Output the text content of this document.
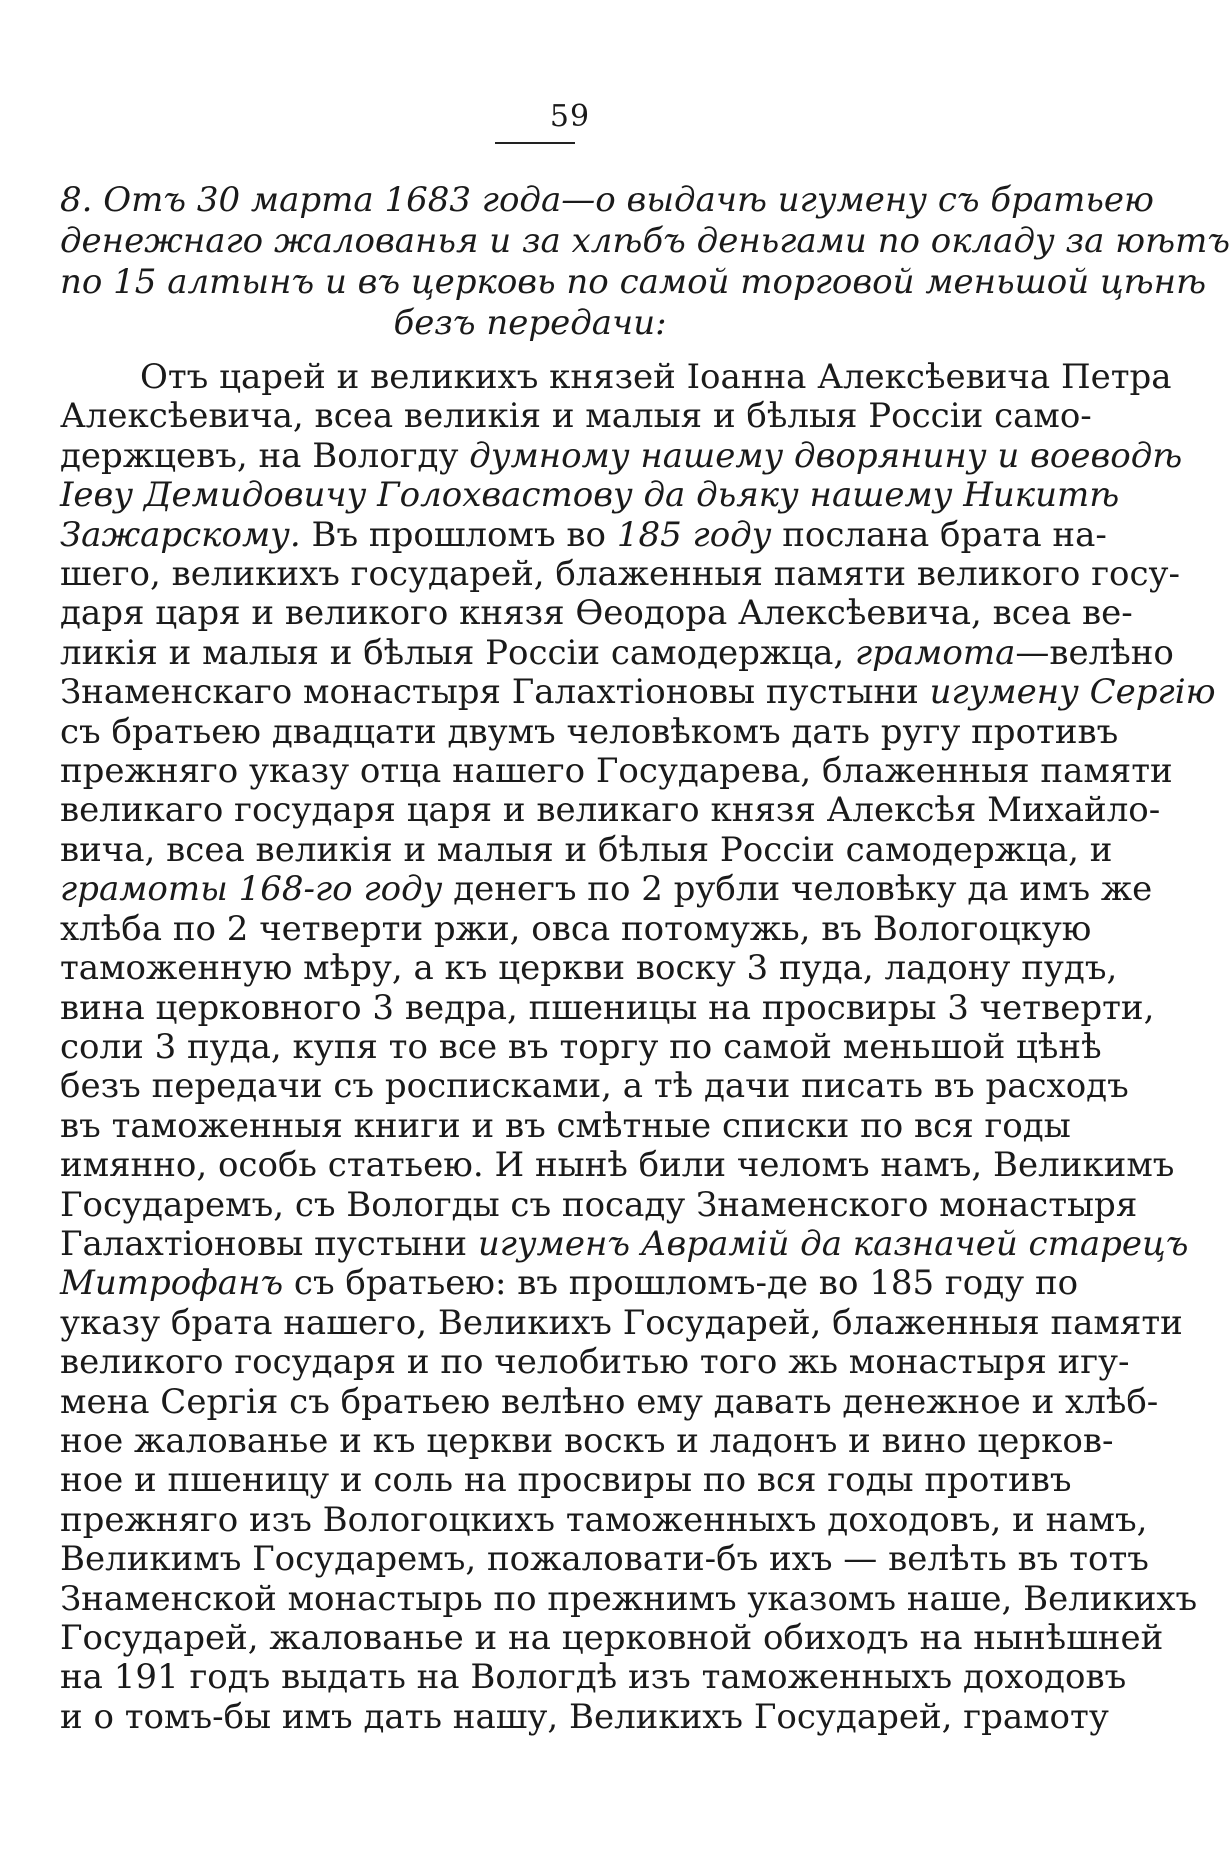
59
8. Отъ 30 марта 1683 года—о выдачѣ игумену съ братьею
денежнаго жалованья и за хлѣбъ деньгами по окладу за юѣтъ
по 15 алтынъ и въ церковь по самой торговой меньшой цѣнѣ
безъ передачи:
Отъ царей и великихъ князей Іоанна Алексѣевича Петра
Алексѣевича, всеа великія и малыя и бѣлыя Россіи само-
держцевъ, на Вологду думному нашему дворянину и воеводѣ
Іеву Демидовичу Голохвастову да дьяку нашему Никитѣ
Зажарскому. Въ прошломъ во 185 году послана брата на-
шего, великихъ государей, блаженныя памяти великого госу-
даря царя и великого князя Ѳеодора Алексѣевича, всеа ве-
ликія и малыя и бѣлыя Россіи самодержца, грамота—велѣно
Знаменскаго монастыря Галахтіоновы пустыни игумену Сергію
съ братьею двадцати двумъ человѣкомъ дать ругу противъ
прежняго указу отца нашего Государева, блаженныя памяти
великаго государя царя и великаго князя Алексѣя Михайло-
вича, всеа великія и малыя и бѣлыя Россіи самодержца, и
грамоты 168-го году денегъ по 2 рубли человѣку да имъ же
хлѣба по 2 четверти ржи, овса потомужь, въ Вологоцкую
таможенную мѣру, а къ церкви воску 3 пуда, ладону пудъ,
вина церковного 3 ведра, пшеницы на просвиры 3 четверти,
соли 3 пуда, купя то все въ торгу по самой меньшой цѣнѣ
безъ передачи съ росписками, а тѣ дачи писать въ расходъ
въ таможенныя книги и въ смѣтные списки по вся годы
имянно, особь статьею. И нынѣ били челомъ намъ, Великимъ
Государемъ, съ Вологды съ посаду Знаменского монастыря
Галахтіоновы пустыни игуменъ Аврамій да казначей старецъ
Митрофанъ съ братьею: въ прошломъ-де во 185 году по
указу брата нашего, Великихъ Государей, блаженныя памяти
великого государя и по челобитью того жь монастыря игу-
мена Сергія съ братьею велѣно ему давать денежное и хлѣб-
ное жалованье и къ церкви воскъ и ладонъ и вино церков-
ное и пшеницу и соль на просвиры по вся годы противъ
прежняго изъ Вологоцкихъ таможенныхъ доходовъ, и намъ,
Великимъ Государемъ, пожаловати-бъ ихъ — велѣть въ тотъ
Знаменской монастырь по прежнимъ указомъ наше, Великихъ
Государей, жалованье и на церковной обиходъ на нынѣшней
на 191 годъ выдать на Вологдѣ изъ таможенныхъ доходовъ
и о томъ-бы имъ дать нашу, Великихъ Государей, грамоту
